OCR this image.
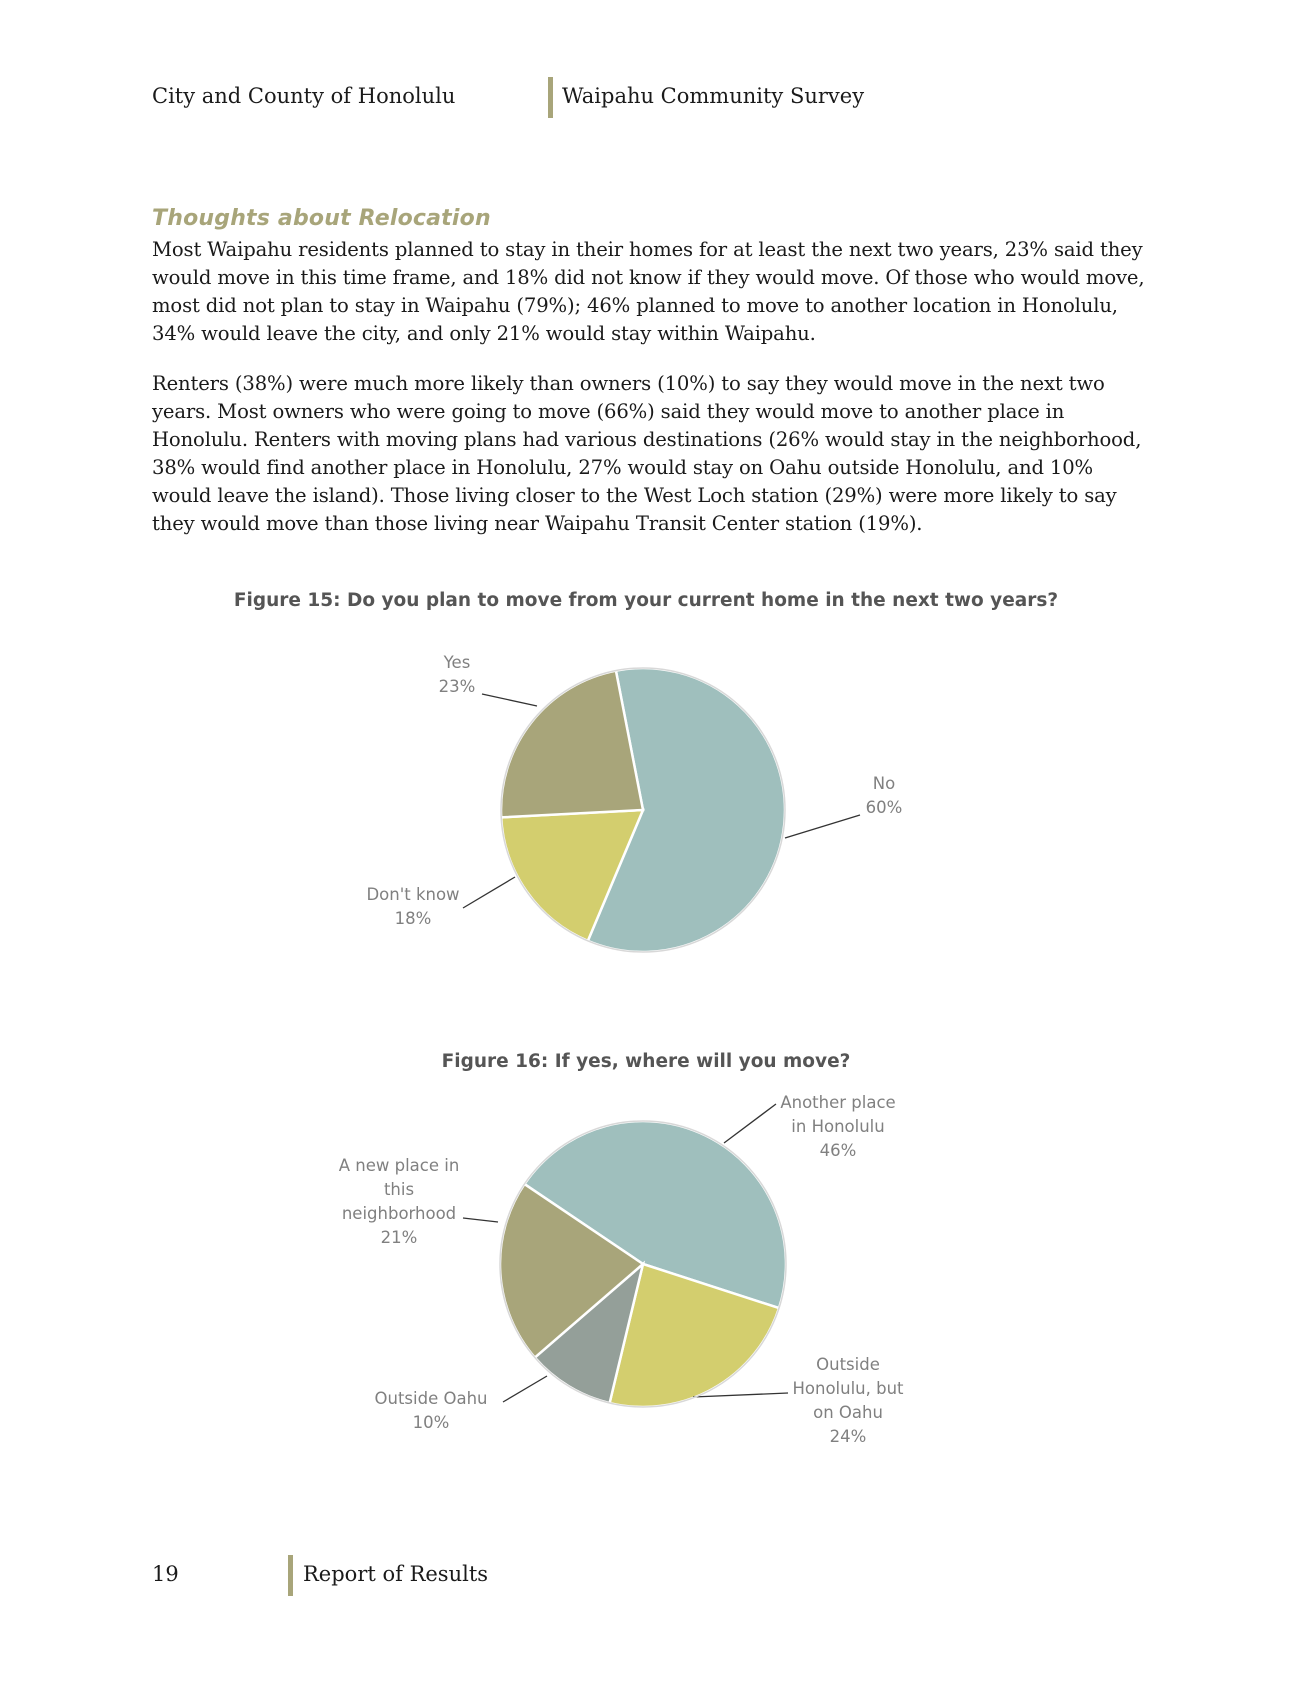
City and County of Honolulu	Waipahu Community Survey
Thoughts about Relocation

Most Waipahu residents planned to stay in their homes for at least the next two years, 23% said they would move in this time frame, and 18% did not know if they would move. Of those who would move, most did not plan to stay in Waipahu (79%); 46% planned to move to another location in Honolulu, 34% would leave the city, and only 21% would stay within Waipahu.

Renters (38%) were much more likely than owners (10%) to say they would move in the next two years. Most owners who were going to move (66%) said they would move to another place in Honolulu. Renters with moving plans had various destinations (26% would stay in the neighborhood, 38% would find another place in Honolulu, 27% would stay on Oahu outside Honolulu, and 10% would leave the island). Those living closer to the West Loch station (29%) were more likely to say they would move than those living near Waipahu Transit Center station (19%).

Figure 15: Do you plan to move from your current home in the next two years?
Figure 16: If yes, where will you move?
No 60%
Don't know 18%
Yes 23%
Another place in Honolulu 46%
Outside Honolulu, but on Oahu 24%
Outside Oahu 10%
A new place in this neighborhood 21%
19	Report of Results
